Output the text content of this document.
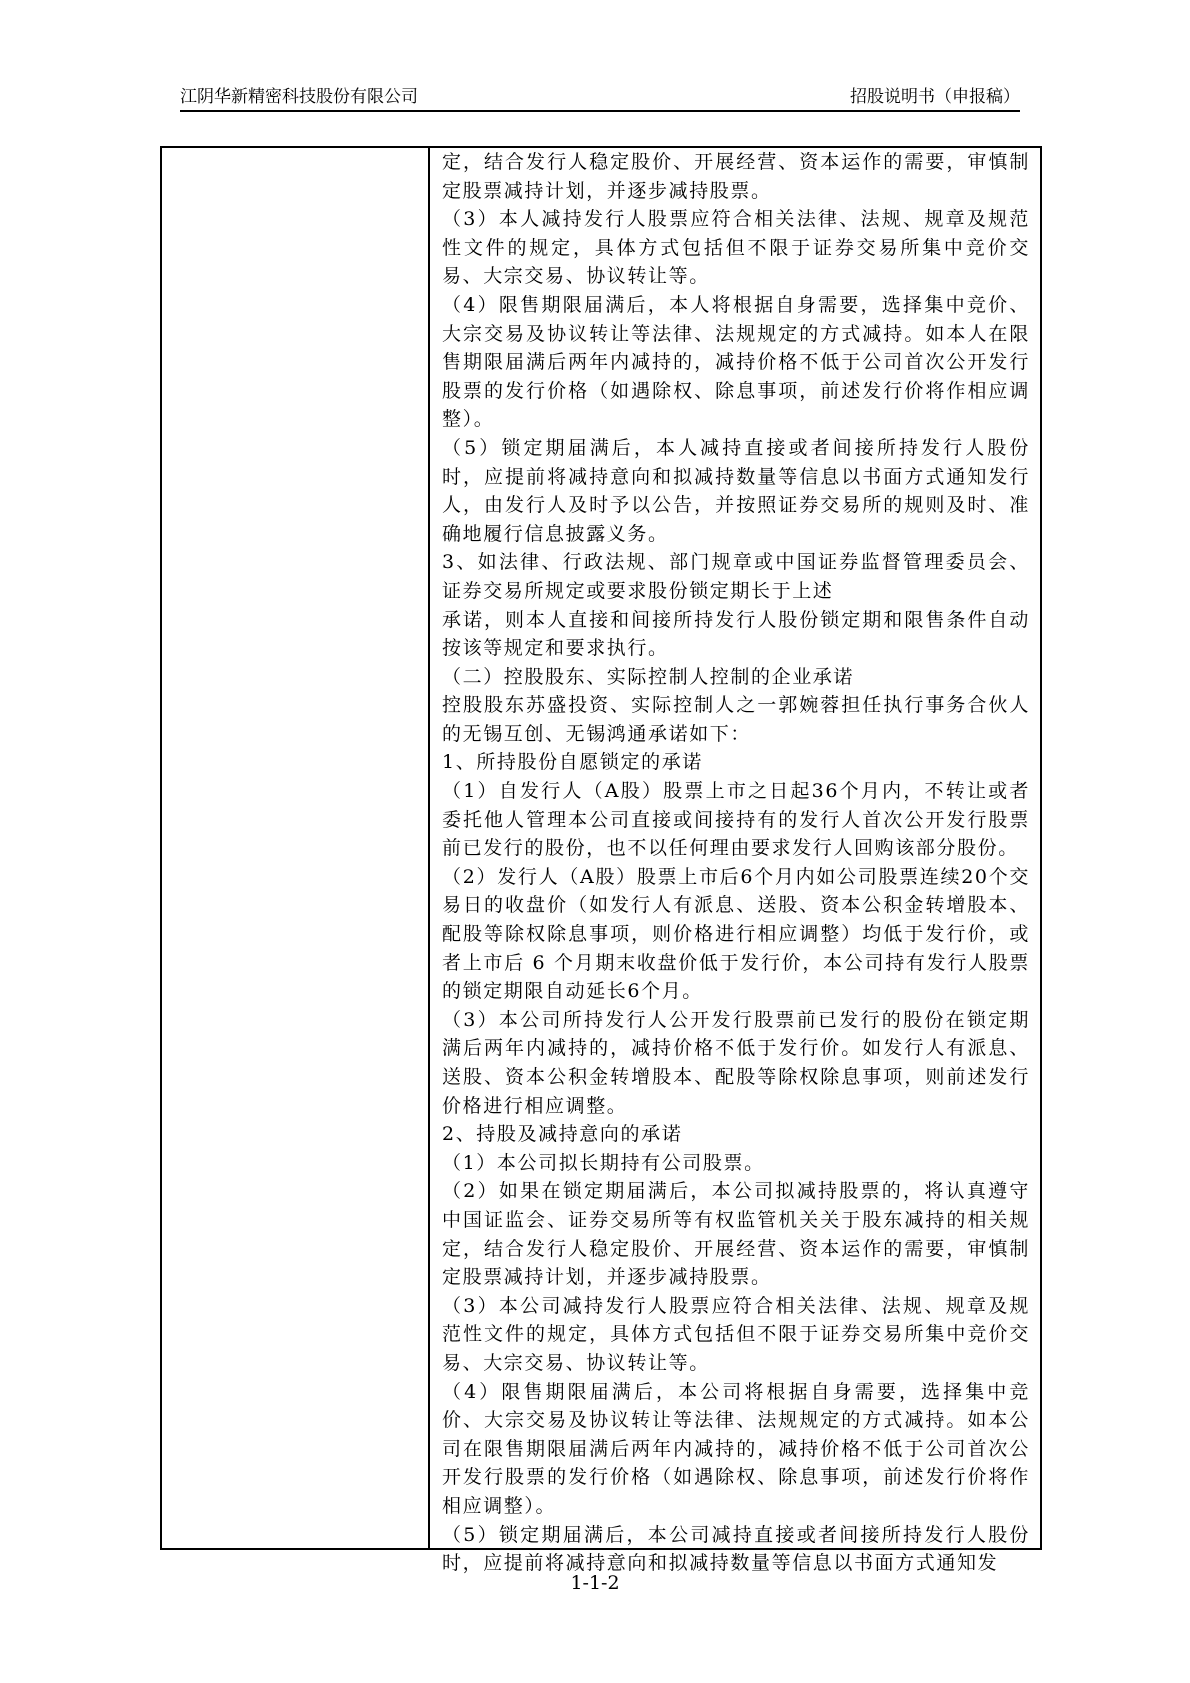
江阴华新精密科技股份有限公司	招股说明书（申报稿）

定，结合发行人稳定股价、开展经营、资本运作的需要，审慎制定股票减持计划，并逐步减持股票。

（3）本人减持发行人股票应符合相关法律、法规、规章及规范性文件的规定，具体方式包括但不限于证券交易所集中竞价交易、大宗交易、协议转让等。

（4）限售期限届满后，本人将根据自身需要，选择集中竞价、大宗交易及协议转让等法律、法规规定的方式减持。如本人在限售期限届满后两年内减持的，减持价格不低于公司首次公开发行股票的发行价格（如遇除权、除息事项，前述发行价将作相应调整）。

（5）锁定期届满后，本人减持直接或者间接所持发行人股份时，应提前将减持意向和拟减持数量等信息以书面方式通知发行人，由发行人及时予以公告，并按照证券交易所的规则及时、准确地履行信息披露义务。

3、如法律、行政法规、部门规章或中国证券监督管理委员会、证券交易所规定或要求股份锁定期长于上述

承诺，则本人直接和间接所持发行人股份锁定期和限售条件自动按该等规定和要求执行。

（二）控股股东、实际控制人控制的企业承诺

控股股东苏盛投资、实际控制人之一郭婉蓉担任执行事务合伙人的无锡互创、无锡鸿通承诺如下：

1、所持股份自愿锁定的承诺

（1）自发行人（A股）股票上市之日起36个月内，不转让或者委托他人管理本公司直接或间接持有的发行人首次公开发行股票前已发行的股份，也不以任何理由要求发行人回购该部分股份。

（2）发行人（A股）股票上市后6个月内如公司股票连续20个交易日的收盘价（如发行人有派息、送股、资本公积金转增股本、配股等除权除息事项，则价格进行相应调整）均低于发行价，或者上市后 6 个月期末收盘价低于发行价，本公司持有发行人股票的锁定期限自动延长6个月。

（3）本公司所持发行人公开发行股票前已发行的股份在锁定期满后两年内减持的，减持价格不低于发行价。如发行人有派息、送股、资本公积金转增股本、配股等除权除息事项，则前述发行价格进行相应调整。

2、持股及减持意向的承诺

（1）本公司拟长期持有公司股票。

（2）如果在锁定期届满后，本公司拟减持股票的，将认真遵守中国证监会、证券交易所等有权监管机关关于股东减持的相关规定，结合发行人稳定股价、开展经营、资本运作的需要，审慎制定股票减持计划，并逐步减持股票。

（3）本公司减持发行人股票应符合相关法律、法规、规章及规范性文件的规定，具体方式包括但不限于证券交易所集中竞价交易、大宗交易、协议转让等。

（4）限售期限届满后，本公司将根据自身需要，选择集中竞价、大宗交易及协议转让等法律、法规规定的方式减持。如本公司在限售期限届满后两年内减持的，减持价格不低于公司首次公开发行股票的发行价格（如遇除权、除息事项，前述发行价将作相应调整）。

（5）锁定期届满后，本公司减持直接或者间接所持发行人股份时，应提前将减持意向和拟减持数量等信息以书面方式通知发

1-1-2
